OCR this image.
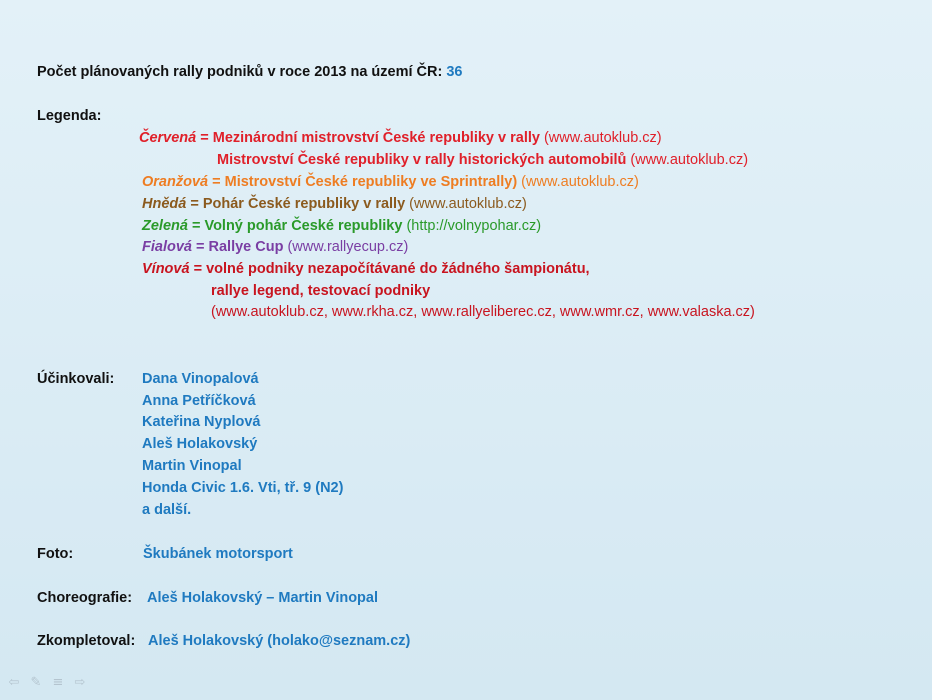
Počet plánovaných rally podniků v roce 2013 na území ČR: 36
Legenda:
Červená = Mezinárodní mistrovství České republiky v rally (www.autoklub.cz)
Mistrovství České republiky v rally historických automobilů (www.autoklub.cz)
Oranžová = Mistrovství České republiky ve Sprintrally) (www.autoklub.cz)
Hnědá = Pohár České republiky v rally (www.autoklub.cz)
Zelená = Volný pohár České republiky (http://volnypohar.cz)
Fialová = Rallye Cup (www.rallyecup.cz)
Vínová = volné podniky nezapočítávané do žádného šampionátu,
rallye legend, testovací podniky
(www.autoklub.cz, www.rkha.cz, www.rallyeliberec.cz, www.wmr.cz, www.valaska.cz)
Účinkovali: Dana Vinopalová
Anna Petříčková
Kateřina Nyplová
Aleš Holakovský
Martin Vinopal
Honda Civic 1.6. Vti, tř. 9 (N2)
a další.
Foto:	Škubánek motorsport
Choreografie: Aleš Holakovský – Martin Vinopal
Zkompletoval: Aleš Holakovský (holako@seznam.cz)
⇦ ✎ ≡ ⇨
